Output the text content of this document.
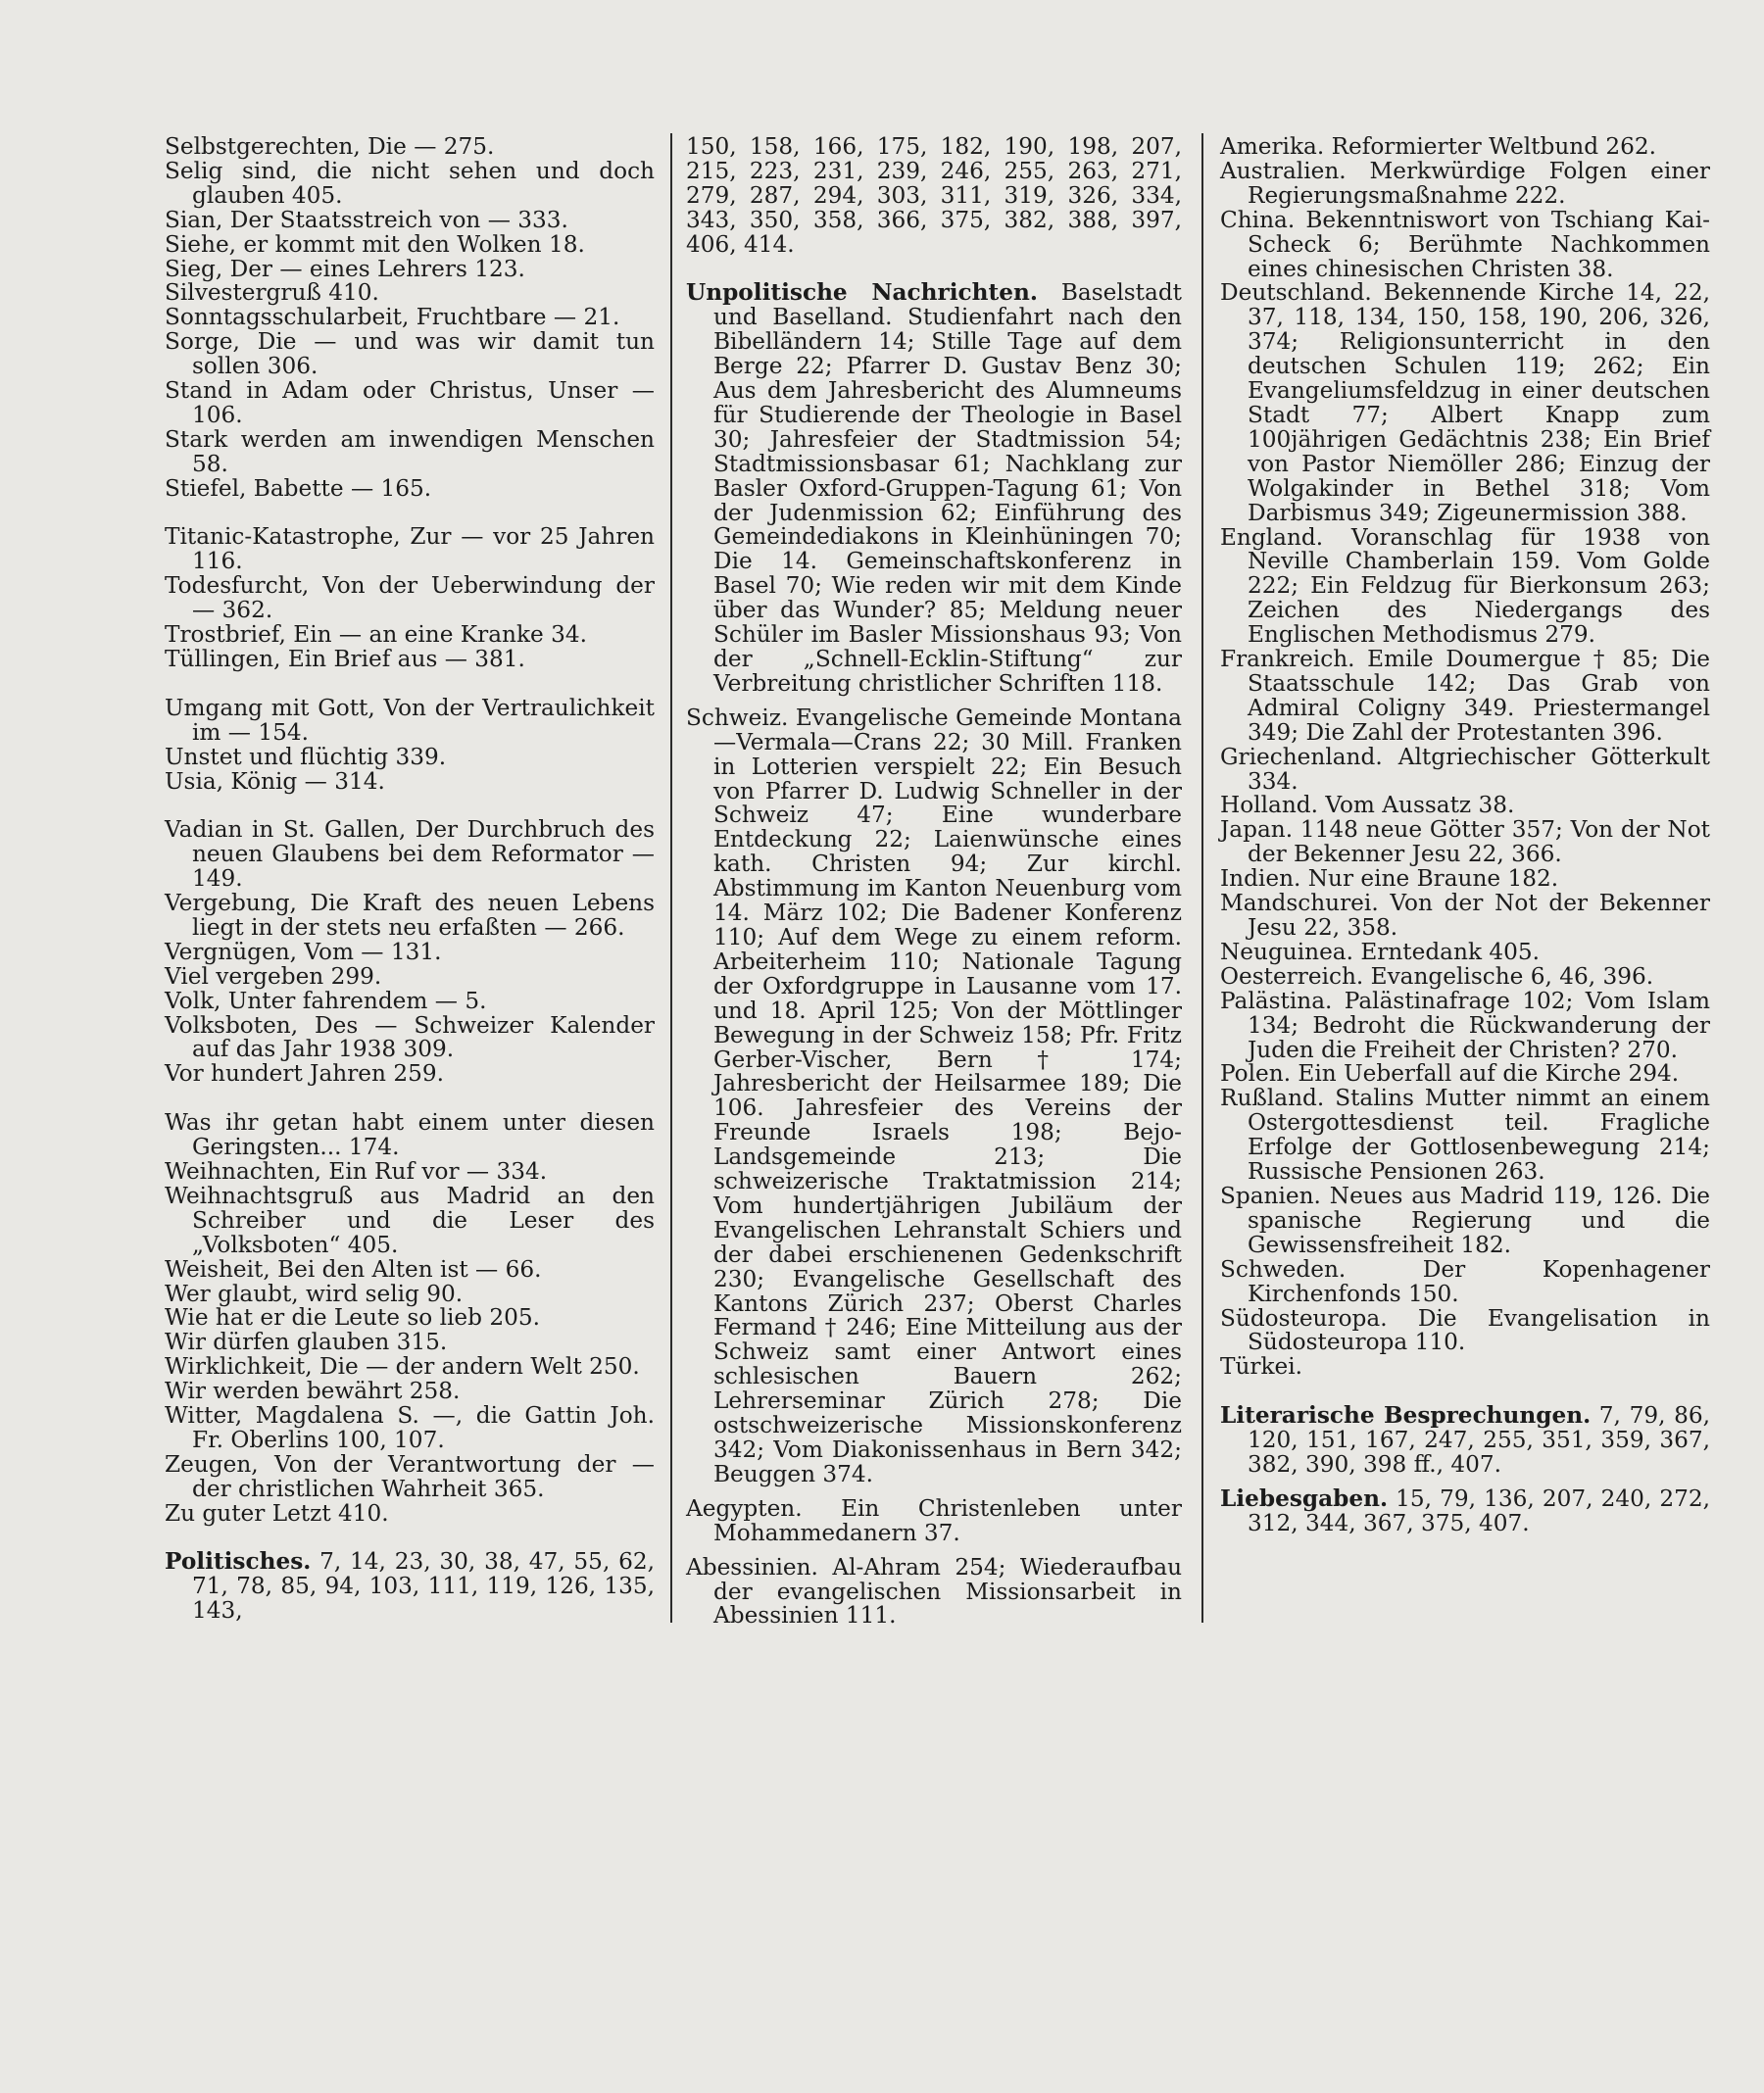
Selbstgerechten, Die — 275.

Selig sind, die nicht sehen und doch glauben 405.

Sian, Der Staatsstreich von — 333.

Siehe, er kommt mit den Wolken 18.

Sieg, Der — eines Lehrers 123.

Silvestergruß 410.

Sonntagsschularbeit, Fruchtbare — 21.

Sorge, Die — und was wir damit tun sollen 306.

Stand in Adam oder Christus, Unser — 106.

Stark werden am inwendigen Menschen 58.

Stiefel, Babette — 165.

Titanic-Katastrophe, Zur — vor 25 Jahren 116.

Todesfurcht, Von der Ueberwindung der — 362.

Trostbrief, Ein — an eine Kranke 34.

Tüllingen, Ein Brief aus — 381.

Umgang mit Gott, Von der Vertraulichkeit im — 154.

Unstet und flüchtig 339.

Usia, König — 314.

Vadian in St. Gallen, Der Durchbruch des neuen Glaubens bei dem Reformator — 149.

Vergebung, Die Kraft des neuen Lebens liegt in der stets neu erfaßten — 266.

Vergnügen, Vom — 131.

Viel vergeben 299.

Volk, Unter fahrendem — 5.

Volksboten, Des — Schweizer Kalender auf das Jahr 1938 309.

Vor hundert Jahren 259.

Was ihr getan habt einem unter diesen Geringsten... 174.

Weihnachten, Ein Ruf vor — 334.

Weihnachtsgruß aus Madrid an den Schreiber und die Leser des „Volksboten“ 405.

Weisheit, Bei den Alten ist — 66.

Wer glaubt, wird selig 90.

Wie hat er die Leute so lieb 205.

Wir dürfen glauben 315.

Wirklichkeit, Die — der andern Welt 250.

Wir werden bewährt 258.

Witter, Magdalena S. —, die Gattin Joh. Fr. Oberlins 100, 107.

Zeugen, Von der Verantwortung der — der christlichen Wahrheit 365.

Zu guter Letzt 410.

Politisches. 7, 14, 23, 30, 38, 47, 55, 62, 71, 78, 85, 94, 103, 111, 119, 126, 135, 143,

150, 158, 166, 175, 182, 190, 198, 207, 215, 223, 231, 239, 246, 255, 263, 271, 279, 287, 294, 303, 311, 319, 326, 334, 343, 350, 358, 366, 375, 382, 388, 397, 406, 414.

Unpolitische Nachrichten. Baselstadt und Baselland. Studienfahrt nach den Bibelländern 14; Stille Tage auf dem Berge 22; Pfarrer D. Gustav Benz 30; Aus dem Jahresbericht des Alumneums für Studierende der Theologie in Basel 30; Jahresfeier der Stadtmission 54; Stadtmissionsbasar 61; Nachklang zur Basler Oxford-Gruppen-Tagung 61; Von der Judenmission 62; Einführung des Gemeindediakons in Kleinhüningen 70; Die 14. Gemeinschaftskonferenz in Basel 70; Wie reden wir mit dem Kinde über das Wunder? 85; Meldung neuer Schüler im Basler Missionshaus 93; Von der „Schnell-Ecklin-Stiftung“ zur Verbreitung christlicher Schriften 118.

Schweiz. Evangelische Gemeinde Montana—Vermala—Crans 22; 30 Mill. Franken in Lotterien verspielt 22; Ein Besuch von Pfarrer D. Ludwig Schneller in der Schweiz 47; Eine wunderbare Entdeckung 22; Laienwünsche eines kath. Christen 94; Zur kirchl. Abstimmung im Kanton Neuenburg vom 14. März 102; Die Badener Konferenz 110; Auf dem Wege zu einem reform. Arbeiterheim 110; Nationale Tagung der Oxfordgruppe in Lausanne vom 17. und 18. April 125; Von der Möttlinger Bewegung in der Schweiz 158; Pfr. Fritz Gerber-Vischer, Bern † 174; Jahresbericht der Heilsarmee 189; Die 106. Jahresfeier des Vereins der Freunde Israels 198; Bejo-Landsgemeinde 213; Die schweizerische Traktatmission 214; Vom hundertjährigen Jubiläum der Evangelischen Lehranstalt Schiers und der dabei erschienenen Gedenkschrift 230; Evangelische Gesellschaft des Kantons Zürich 237; Oberst Charles Fermand † 246; Eine Mitteilung aus der Schweiz samt einer Antwort eines schlesischen Bauern 262; Lehrerseminar Zürich 278; Die ostschweizerische Missionskonferenz 342; Vom Diakonissenhaus in Bern 342; Beuggen 374.

Aegypten. Ein Christenleben unter Mohammedanern 37.

Abessinien. Al-Ahram 254; Wiederaufbau der evangelischen Missionsarbeit in Abessinien 111.

Amerika. Reformierter Weltbund 262.

Australien. Merkwürdige Folgen einer Regierungsmaßnahme 222.

China. Bekenntniswort von Tschiang Kai-Scheck 6; Berühmte Nachkommen eines chinesischen Christen 38.

Deutschland. Bekennende Kirche 14, 22, 37, 118, 134, 150, 158, 190, 206, 326, 374; Religionsunterricht in den deutschen Schulen 119; 262; Ein Evangeliumsfeldzug in einer deutschen Stadt 77; Albert Knapp zum 100jährigen Gedächtnis 238; Ein Brief von Pastor Niemöller 286; Einzug der Wolgakinder in Bethel 318; Vom Darbismus 349; Zigeunermission 388.

England. Voranschlag für 1938 von Neville Chamberlain 159. Vom Golde 222; Ein Feldzug für Bierkonsum 263; Zeichen des Niedergangs des Englischen Methodismus 279.

Frankreich. Emile Doumergue † 85; Die Staatsschule 142; Das Grab von Admiral Coligny 349. Priestermangel 349; Die Zahl der Protestanten 396.

Griechenland. Altgriechischer Götterkult 334.

Holland. Vom Aussatz 38.

Japan. 1148 neue Götter 357; Von der Not der Bekenner Jesu 22, 366.

Indien. Nur eine Braune 182.

Mandschurei. Von der Not der Bekenner Jesu 22, 358.

Neuguinea. Erntedank 405.

Oesterreich. Evangelische 6, 46, 396.

Palästina. Palästinafrage 102; Vom Islam 134; Bedroht die Rückwanderung der Juden die Freiheit der Christen? 270.

Polen. Ein Ueberfall auf die Kirche 294.

Rußland. Stalins Mutter nimmt an einem Ostergottesdienst teil. Fragliche Erfolge der Gottlosenbewegung 214; Russische Pensionen 263.

Spanien. Neues aus Madrid 119, 126. Die spanische Regierung und die Gewissensfreiheit 182.

Schweden. Der Kopenhagener Kirchenfonds 150.

Südosteuropa. Die Evangelisation in Südosteuropa 110.

Türkei.

Literarische Besprechungen. 7, 79, 86, 120, 151, 167, 247, 255, 351, 359, 367, 382, 390, 398 ff., 407.

Liebesgaben. 15, 79, 136, 207, 240, 272, 312, 344, 367, 375, 407.
